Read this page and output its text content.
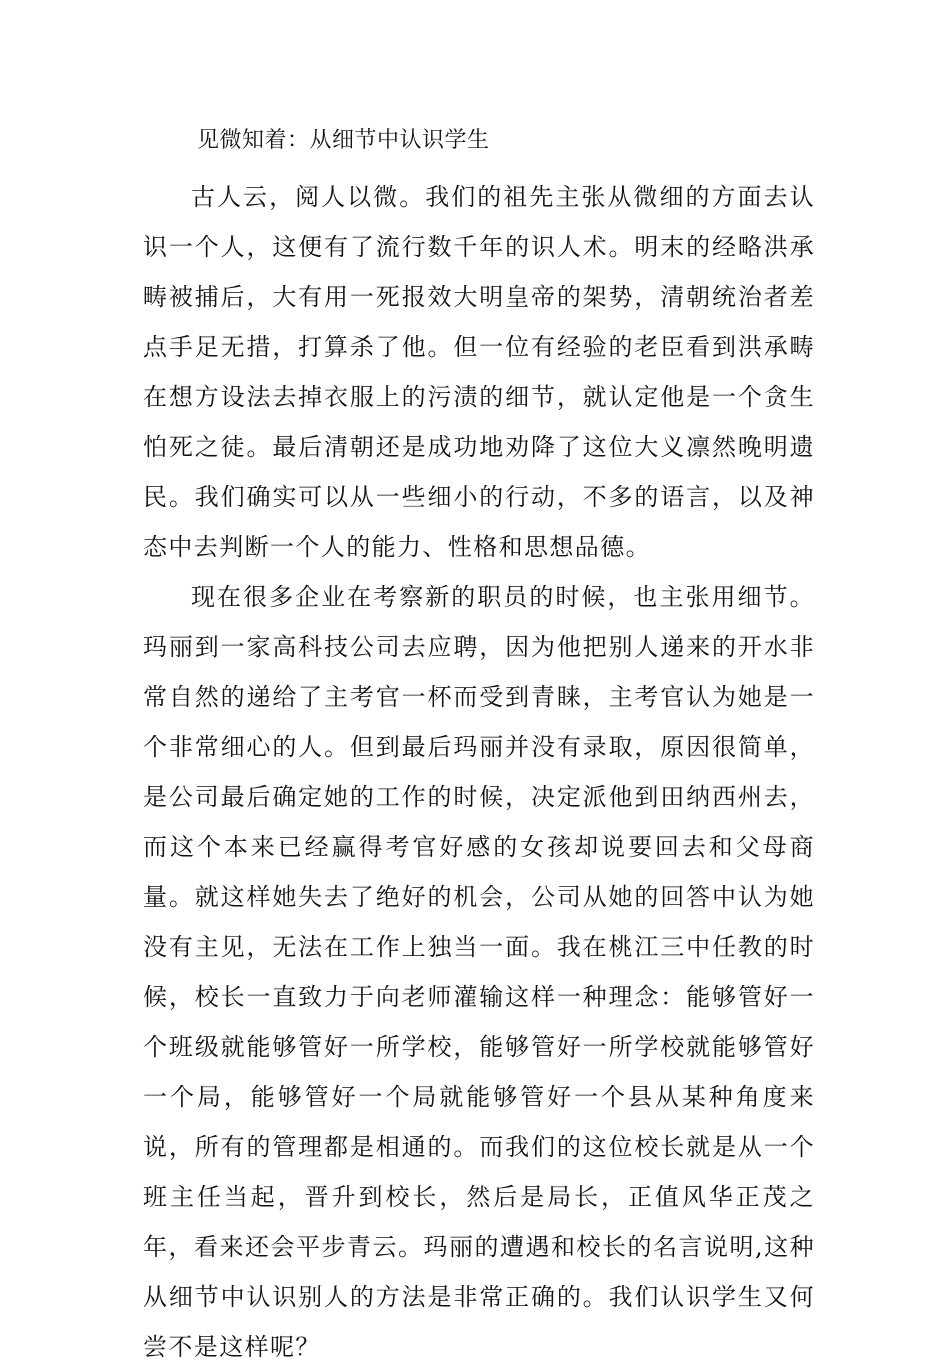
见微知着：从细节中认识学生

古人云，阅人以微。我们的祖先主张从微细的方面去认识一个人，这便有了流行数千年的识人术。明末的经略洪承畴被捕后，大有用一死报效大明皇帝的架势，清朝统治者差点手足无措，打算杀了他。但一位有经验的老臣看到洪承畴在想方设法去掉衣服上的污渍的细节，就认定他是一个贪生怕死之徒。最后清朝还是成功地劝降了这位大义凛然晚明遗民。我们确实可以从一些细小的行动，不多的语言，以及神态中去判断一个人的能力、性格和思想品德。

现在很多企业在考察新的职员的时候，也主张用细节。玛丽到一家高科技公司去应聘，因为他把别人递来的开水非常自然的递给了主考官一杯而受到青睐，主考官认为她是一个非常细心的人。但到最后玛丽并没有录取，原因很简单，是公司最后确定她的工作的时候，决定派他到田纳西州去，而这个本来已经赢得考官好感的女孩却说要回去和父母商量。就这样她失去了绝好的机会，公司从她的回答中认为她没有主见，无法在工作上独当一面。我在桃江三中任教的时候，校长一直致力于向老师灌输这样一种理念：能够管好一个班级就能够管好一所学校，能够管好一所学校就能够管好一个局，能够管好一个局就能够管好一个县从某种角度来说，所有的管理都是相通的。而我们的这位校长就是从一个班主任当起，晋升到校长，然后是局长，正值风华正茂之年，看来还会平步青云。玛丽的遭遇和校长的名言说明,这种从细节中认识别人的方法是非常正确的。我们认识学生又何尝不是这样呢？
